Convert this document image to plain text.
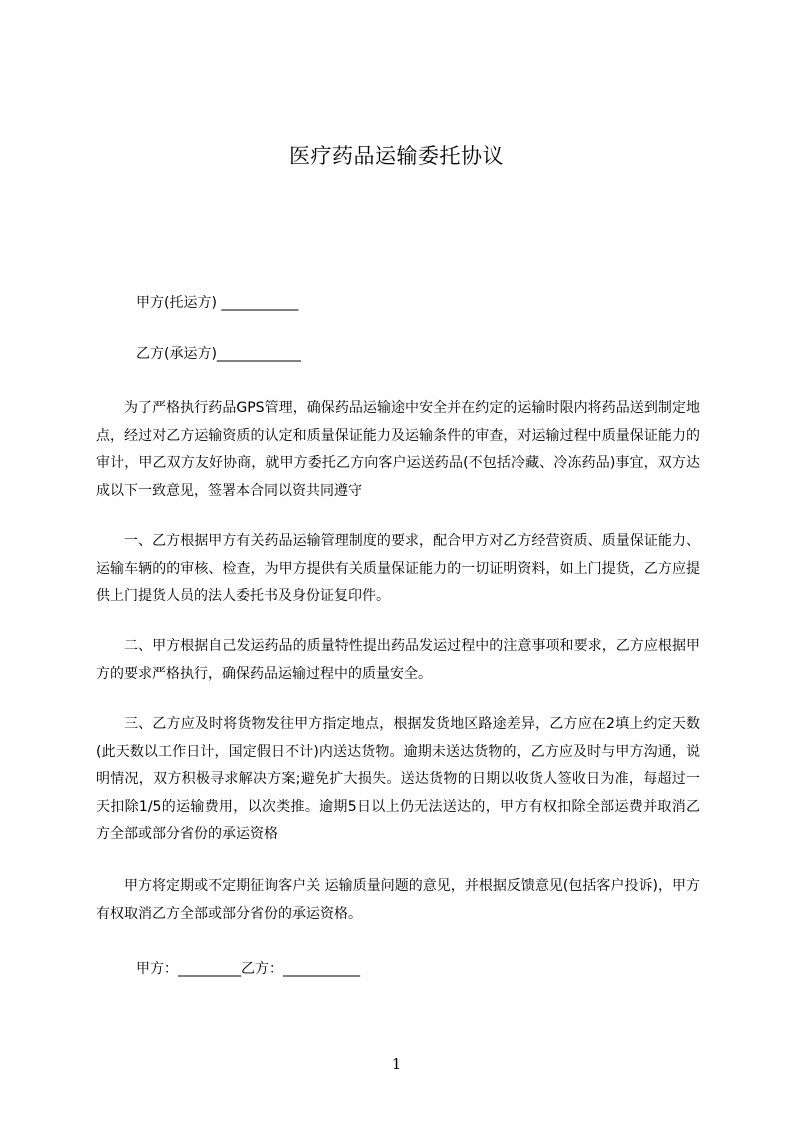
医疗药品运输委托协议
甲方(托运方) ___________
乙方(承运方)____________
为了严格执行药品GPS管理，确保药品运输途中安全并在约定的运输时限内将药品送到制定地点，经过对乙方运输资质的认定和质量保证能力及运输条件的审查，对运输过程中质量保证能力的审计，甲乙双方友好协商，就甲方委托乙方向客户运送药品(不包括冷藏、冷冻药品)事宜，双方达成以下一致意见，签署本合同以资共同遵守
一、乙方根据甲方有关药品运输管理制度的要求，配合甲方对乙方经营资质、质量保证能力、运输车辆的的审核、检查，为甲方提供有关质量保证能力的一切证明资料，如上门提货，乙方应提供上门提货人员的法人委托书及身份证复印件。
二、甲方根据自己发运药品的质量特性提出药品发运过程中的注意事项和要求，乙方应根据甲方的要求严格执行，确保药品运输过程中的质量安全。
三、乙方应及时将货物发往甲方指定地点，根据发货地区路途差异，乙方应在2填上约定天数(此天数以工作日计，国定假日不计)内送达货物。逾期未送达货物的，乙方应及时与甲方沟通，说明情况，双方积极寻求解决方案;避免扩大损失。送达货物的日期以收货人签收日为准，每超过一天扣除1/5的运输费用，以次类推。逾期5日以上仍无法送达的，甲方有权扣除全部运费并取消乙方全部或部分省份的承运资格
甲方将定期或不定期征询客户关 运输质量问题的意见，并根据反馈意见(包括客户投诉)，甲方有权取消乙方全部或部分省份的承运资格。
甲方：_________乙方：___________
1
